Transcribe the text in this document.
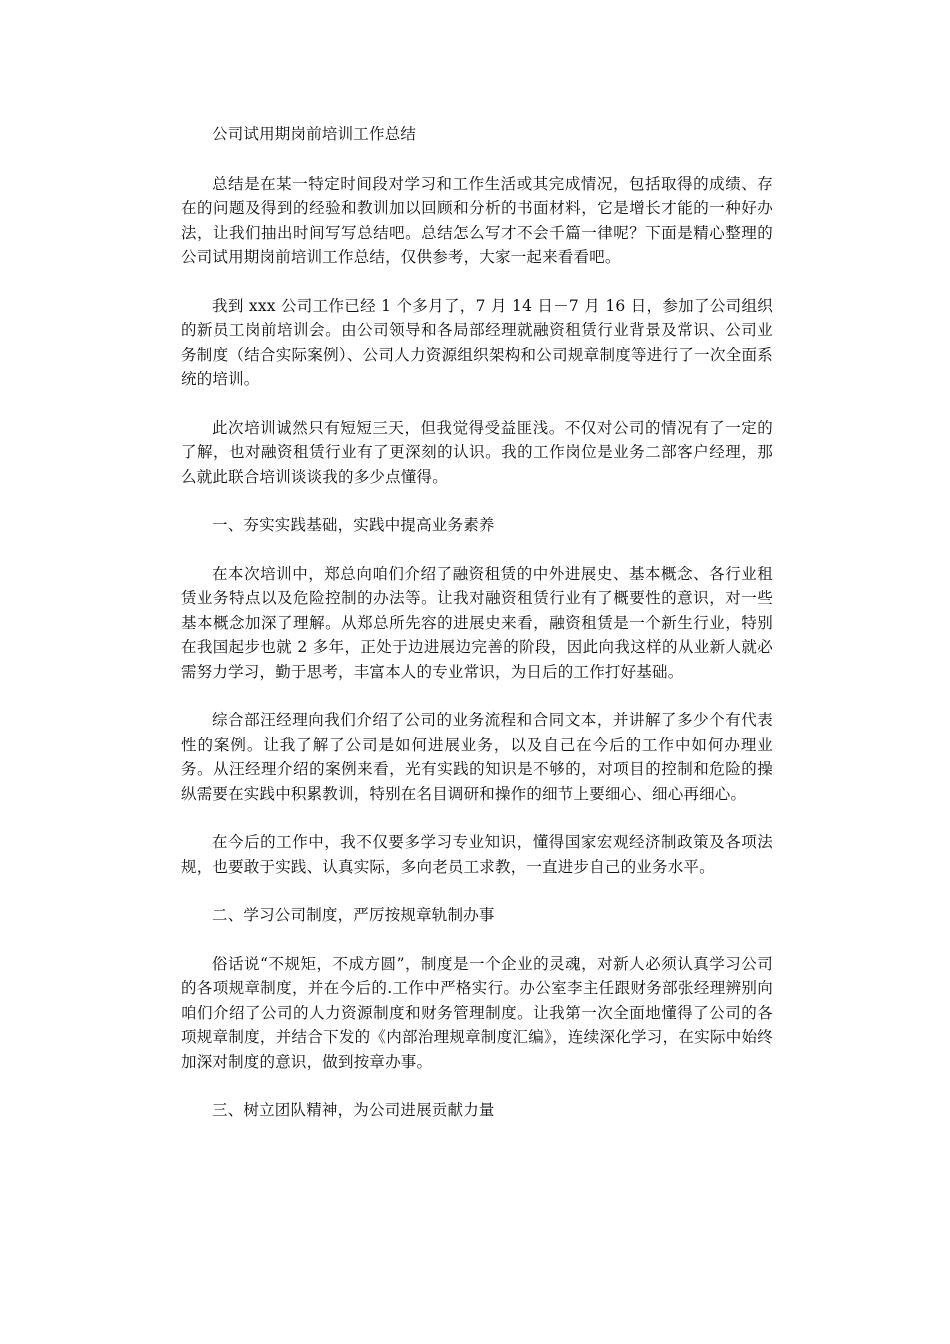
公司试用期岗前培训工作总结

总结是在某一特定时间段对学习和工作生活或其完成情况，包括取得的成绩、存在的问题及得到的经验和教训加以回顾和分析的书面材料，它是增长才能的一种好办法，让我们抽出时间写写总结吧。总结怎么写才不会千篇一律呢？下面是精心整理的公司试用期岗前培训工作总结，仅供参考，大家一起来看看吧。

我到 xxx 公司工作已经 1 个多月了，7 月 14 日－7 月 16 日，参加了公司组织的新员工岗前培训会。由公司领导和各局部经理就融资租赁行业背景及常识、公司业务制度（结合实际案例）、公司人力资源组织架构和公司规章制度等进行了一次全面系统的培训。

此次培训诚然只有短短三天，但我觉得受益匪浅。不仅对公司的情况有了一定的了解，也对融资租赁行业有了更深刻的认识。我的工作岗位是业务二部客户经理，那么就此联合培训谈谈我的多少点懂得。

一、夯实实践基础，实践中提高业务素养

在本次培训中，郑总向咱们介绍了融资租赁的中外进展史、基本概念、各行业租赁业务特点以及危险控制的办法等。让我对融资租赁行业有了概要性的意识，对一些基本概念加深了理解。从郑总所先容的进展史来看，融资租赁是一个新生行业，特别在我国起步也就 2 多年，正处于边进展边完善的阶段，因此向我这样的从业新人就必需努力学习，勤于思考，丰富本人的专业常识，为日后的工作打好基础。

综合部汪经理向我们介绍了公司的业务流程和合同文本，并讲解了多少个有代表性的案例。让我了解了公司是如何进展业务，以及自己在今后的工作中如何办理业务。从汪经理介绍的案例来看，光有实践的知识是不够的，对项目的控制和危险的操纵需要在实践中积累教训，特别在名目调研和操作的细节上要细心、细心再细心。

在今后的工作中，我不仅要多学习专业知识，懂得国家宏观经济制政策及各项法规，也要敢于实践、认真实际，多向老员工求教，一直进步自己的业务水平。

二、学习公司制度，严厉按规章轨制办事

俗话说“不规矩，不成方圆”，制度是一个企业的灵魂，对新人必须认真学习公司的各项规章制度，并在今后的.工作中严格实行。办公室李主任跟财务部张经理辨别向咱们介绍了公司的人力资源制度和财务管理制度。让我第一次全面地懂得了公司的各项规章制度，并结合下发的《内部治理规章制度汇编》，连续深化学习，在实际中始终加深对制度的意识，做到按章办事。

三、树立团队精神，为公司进展贡献力量
